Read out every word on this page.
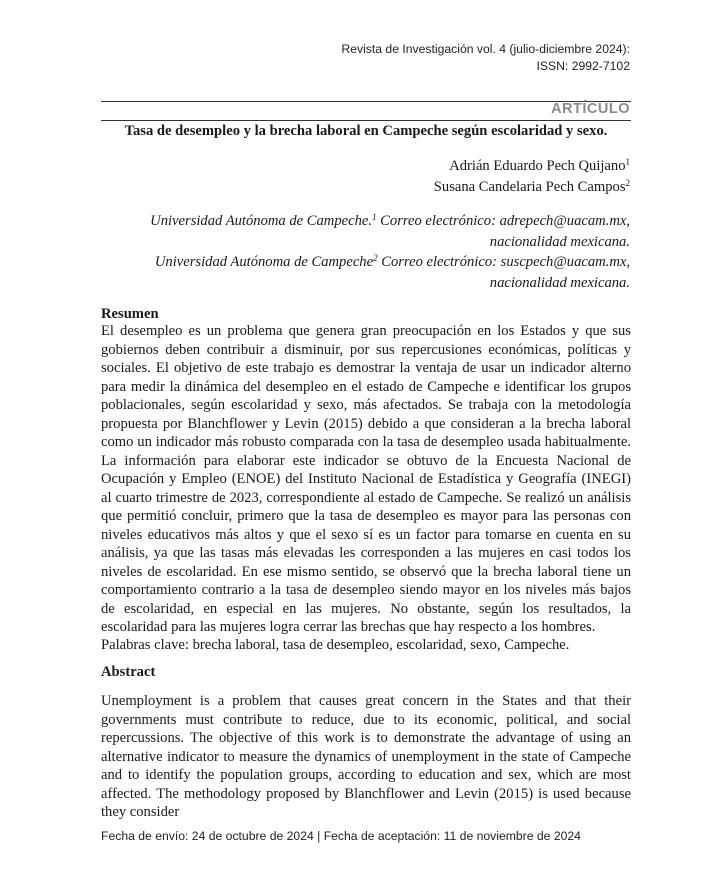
Revista de Investigación vol. 4 (julio-diciembre 2024):
ISSN: 2992-7102
ARTÍCULO
Tasa de desempleo y la brecha laboral en Campeche según escolaridad y sexo.
Adrián Eduardo Pech Quijano$^1$
Susana Candelaria Pech Campos$^2$
Universidad Autónoma de Campeche.$^1$ Correo electrónico: adrepech@uacam.mx,
nacionalidad mexicana.
Universidad Autónoma de Campeche$^2$ Correo electrónico: suscpech@uacam.mx,
nacionalidad mexicana.
Resumen

El desempleo es un problema que genera gran preocupación en los Estados y que sus gobiernos deben contribuir a disminuir, por sus repercusiones económicas, políticas y sociales. El objetivo de este trabajo es demostrar la ventaja de usar un indicador alterno para medir la dinámica del desempleo en el estado de Campeche e identificar los grupos poblacionales, según escolaridad y sexo, más afectados. Se trabaja con la metodología propuesta por Blanchflower y Levin (2015) debido a que consideran a la brecha laboral como un indicador más robusto comparada con la tasa de desempleo usada habitualmente. La información para elaborar este indicador se obtuvo de la Encuesta Nacional de Ocupación y Empleo (ENOE) del Instituto Nacional de Estadística y Geografía (INEGI) al cuarto trimestre de 2023, correspondiente al estado de Campeche. Se realizó un análisis que permitió concluir, primero que la tasa de desempleo es mayor para las personas con niveles educativos más altos y que el sexo sí es un factor para tomarse en cuenta en su análisis, ya que las tasas más elevadas les corresponden a las mujeres en casi todos los niveles de escolaridad. En ese mismo sentido, se observó que la brecha laboral tiene un comportamiento contrario a la tasa de desempleo siendo mayor en los niveles más bajos de escolaridad, en especial en las mujeres. No obstante, según los resultados, la escolaridad para las mujeres logra cerrar las brechas que hay respecto a los hombres.

Palabras clave: brecha laboral, tasa de desempleo, escolaridad, sexo, Campeche.

Abstract

Unemployment is a problem that causes great concern in the States and that their governments must contribute to reduce, due to its economic, political, and social repercussions. The objective of this work is to demonstrate the advantage of using an alternative indicator to measure the dynamics of unemployment in the state of Campeche and to identify the population groups, according to education and sex, which are most affected. The methodology proposed by Blanchflower and Levin (2015) is used because they consider

Fecha de envío: 24 de octubre de 2024 | Fecha de aceptación: 11 de noviembre de 2024
